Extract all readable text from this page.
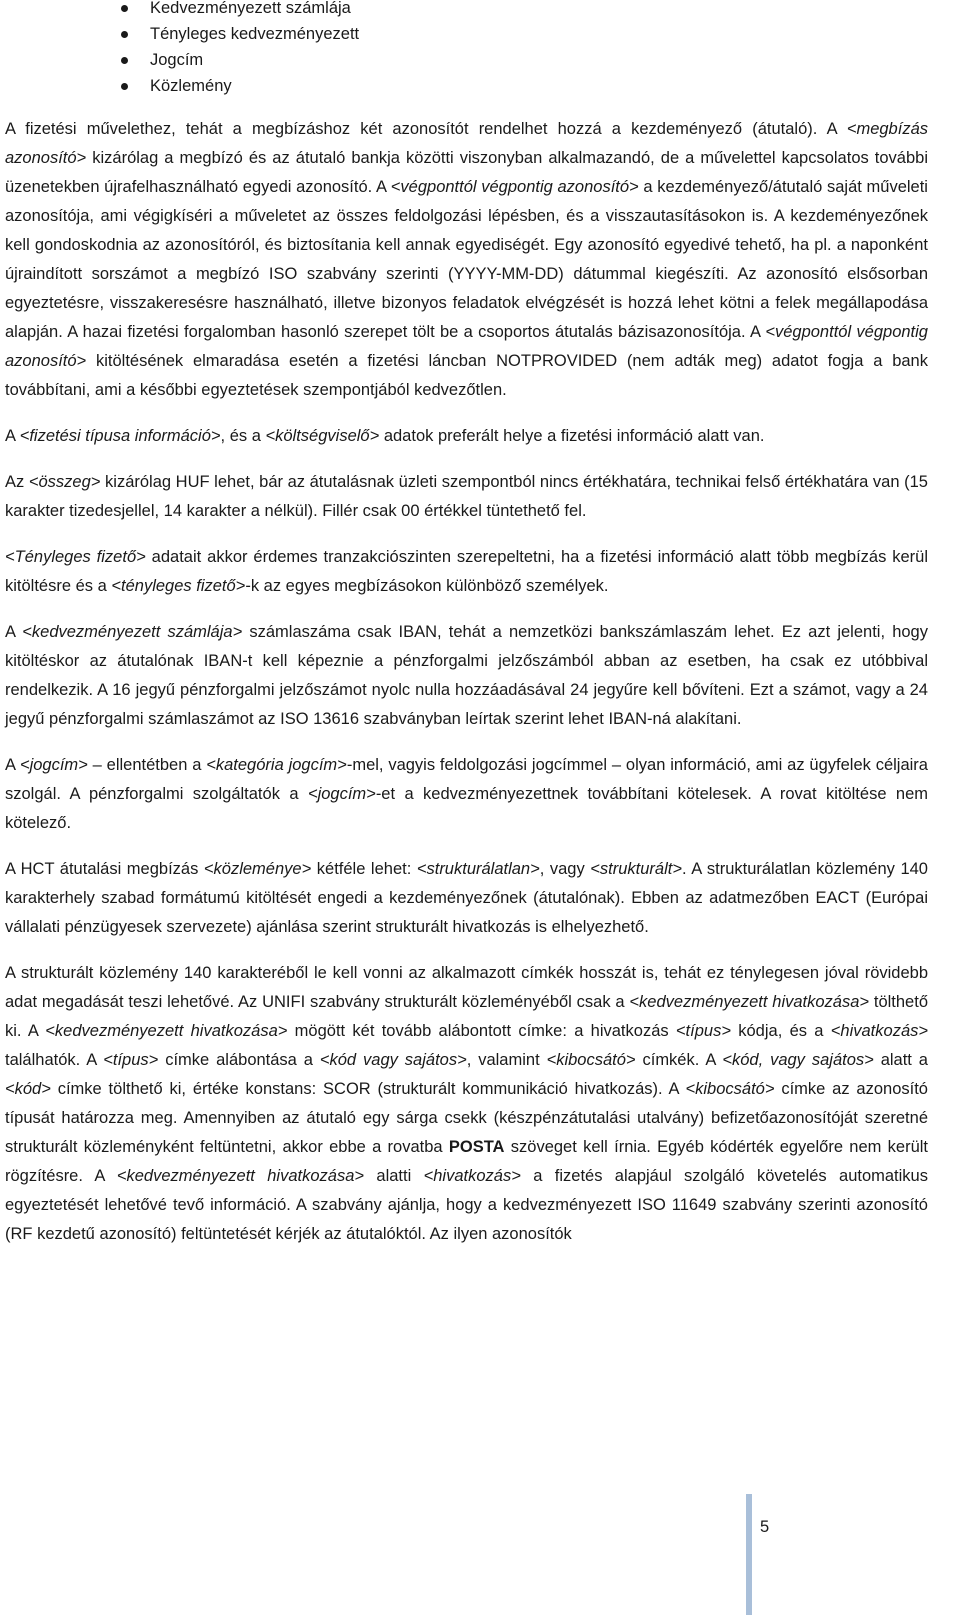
Kedvezményezett számlája
Tényleges kedvezményezett
Jogcím
Közlemény

A fizetési művelethez, tehát a megbízáshoz két azonosítót rendelhet hozzá a kezdeményező (átutaló). A <megbízás azonosító> kizárólag a megbízó és az átutaló bankja közötti viszonyban alkalmazandó, de a művelettel kapcsolatos további üzenetekben újrafelhasználható egyedi azonosító. A <végponttól végpontig azonosító> a kezdeményező/átutaló saját műveleti azonosítója, ami végigkíséri a műveletet az összes feldolgozási lépésben, és a visszautasításokon is. A kezdeményezőnek kell gondoskodnia az azonosítóról, és biztosítania kell annak egyediségét. Egy azonosító egyedivé tehető, ha pl. a naponként újraindított sorszámot a megbízó ISO szabvány szerinti (YYYY-MM-DD) dátummal kiegészíti. Az azonosító elsősorban egyeztetésre, visszakeresésre használható, illetve bizonyos feladatok elvégzését is hozzá lehet kötni a felek megállapodása alapján. A hazai fizetési forgalomban hasonló szerepet tölt be a csoportos átutalás bázisazonosítója. A <végponttól végpontig azonosító> kitöltésének elmaradása esetén a fizetési láncban NOTPROVIDED (nem adták meg) adatot fogja a bank továbbítani, ami a későbbi egyeztetések szempontjából kedvezőtlen.

A <fizetési típusa információ>, és a <költségviselő> adatok preferált helye a fizetési információ alatt van.

Az <összeg> kizárólag HUF lehet, bár az átutalásnak üzleti szempontból nincs értékhatára, technikai felső értékhatára van (15 karakter tizedesjellel, 14 karakter a nélkül). Fillér csak 00 értékkel tüntethető fel.

<Tényleges fizető> adatait akkor érdemes tranzakciószinten szerepeltetni, ha a fizetési információ alatt több megbízás kerül kitöltésre és a <tényleges fizető>-k az egyes megbízásokon különböző személyek.

A <kedvezményezett számlája> számlaszáma csak IBAN, tehát a nemzetközi bankszámlaszám lehet. Ez azt jelenti, hogy kitöltéskor az átutalónak IBAN-t kell képeznie a pénzforgalmi jelzőszámból abban az esetben, ha csak ez utóbbival rendelkezik. A 16 jegyű pénzforgalmi jelzőszámot nyolc nulla hozzáadásával 24 jegyűre kell bővíteni. Ezt a számot, vagy a 24 jegyű pénzforgalmi számlaszámot az ISO 13616 szabványban leírtak szerint lehet IBAN-ná alakítani.

A <jogcím> – ellentétben a <kategória jogcím>-mel, vagyis feldolgozási jogcímmel – olyan információ, ami az ügyfelek céljaira szolgál. A pénzforgalmi szolgáltatók a <jogcím>-et a kedvezményezettnek továbbítani kötelesek. A rovat kitöltése nem kötelező.

A HCT átutalási megbízás <közleménye> kétféle lehet: <strukturálatlan>, vagy <strukturált>. A strukturálatlan közlemény 140 karakterhely szabad formátumú kitöltését engedi a kezdeményezőnek (átutalónak). Ebben az adatmezőben EACT (Európai vállalati pénzügyesek szervezete) ajánlása szerint strukturált hivatkozás is elhelyezhető.

A strukturált közlemény 140 karakteréből le kell vonni az alkalmazott címkék hosszát is, tehát ez ténylegesen jóval rövidebb adat megadását teszi lehetővé. Az UNIFI szabvány strukturált közleményéből csak a <kedvezményezett hivatkozása> tölthető ki. A <kedvezményezett hivatkozása> mögött két tovább alábontott címke: a hivatkozás <típus> kódja, és a <hivatkozás> találhatók. A <típus> címke alábontása a <kód vagy sajátos>, valamint <kibocsátó> címkék. A <kód, vagy sajátos> alatt a <kód> címke tölthető ki, értéke konstans: SCOR (strukturált kommunikáció hivatkozás). A <kibocsátó> címke az azonosító típusát határozza meg. Amennyiben az átutaló egy sárga csekk (készpénzátutalási utalvány) befizetőazonosítóját szeretné strukturált közleményként feltüntetni, akkor ebbe a rovatba POSTA szöveget kell írnia. Egyéb kódérték egyelőre nem került rögzítésre. A <kedvezményezett hivatkozása> alatti <hivatkozás> a fizetés alapjául szolgáló követelés automatikus egyeztetését lehetővé tevő információ. A szabvány ajánlja, hogy a kedvezményezett ISO 11649 szabvány szerinti azonosító (RF kezdetű azonosító) feltüntetését kérjék az átutalóktól. Az ilyen azonosítók

5
